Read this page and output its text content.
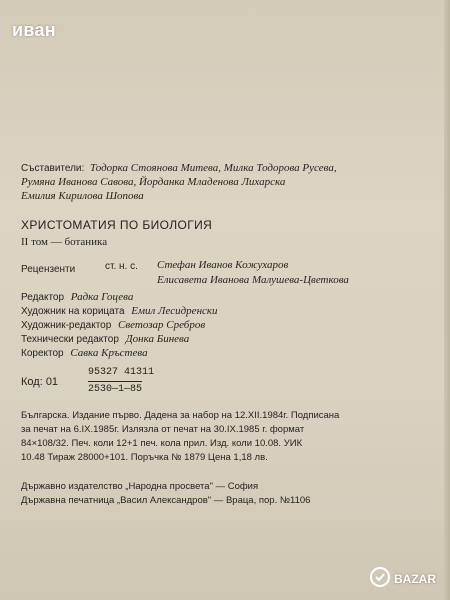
иван
Съставители: Тодорка Стоянова Митева, Милка Тодорова Русева,
Румяна Иванова Савова, Йорданка Младенова Лихарска
Емилия Кирилова Шопова
ХРИСТОМАТИЯ ПО БИОЛОГИЯ
II том — ботаника
Рецензенти	ст. н. с. Стефан Иванов Кожухаров
Елисавета Иванова Малушева-Цветкова
Редактор Радка Гоцева
Художник на корицата Емил Лесидренски
Художник-редактор Светозар Сребров
Технически редактор Донка Бинева
Коректор Савка Кръстева
Код: 01
95327 41311
2530—1—85
Българска. Издание първо. Дадена за набор на 12.XII.1984г. Подписана
за печат на 6.IX.1985г. Излязла от печат на 30.IX.1985 г. формат
84×108/32. Печ. коли 12+1 печ. кола прил. Изд. коли 10.08. УИК
10.48 Тираж 28000+101. Поръчка № 1879 Цена 1,18 лв.
Държавно издателство „Народна просвета" — София
Държавна печатница „Васил Александров" — Враца, пор. №1106
BAZAR
